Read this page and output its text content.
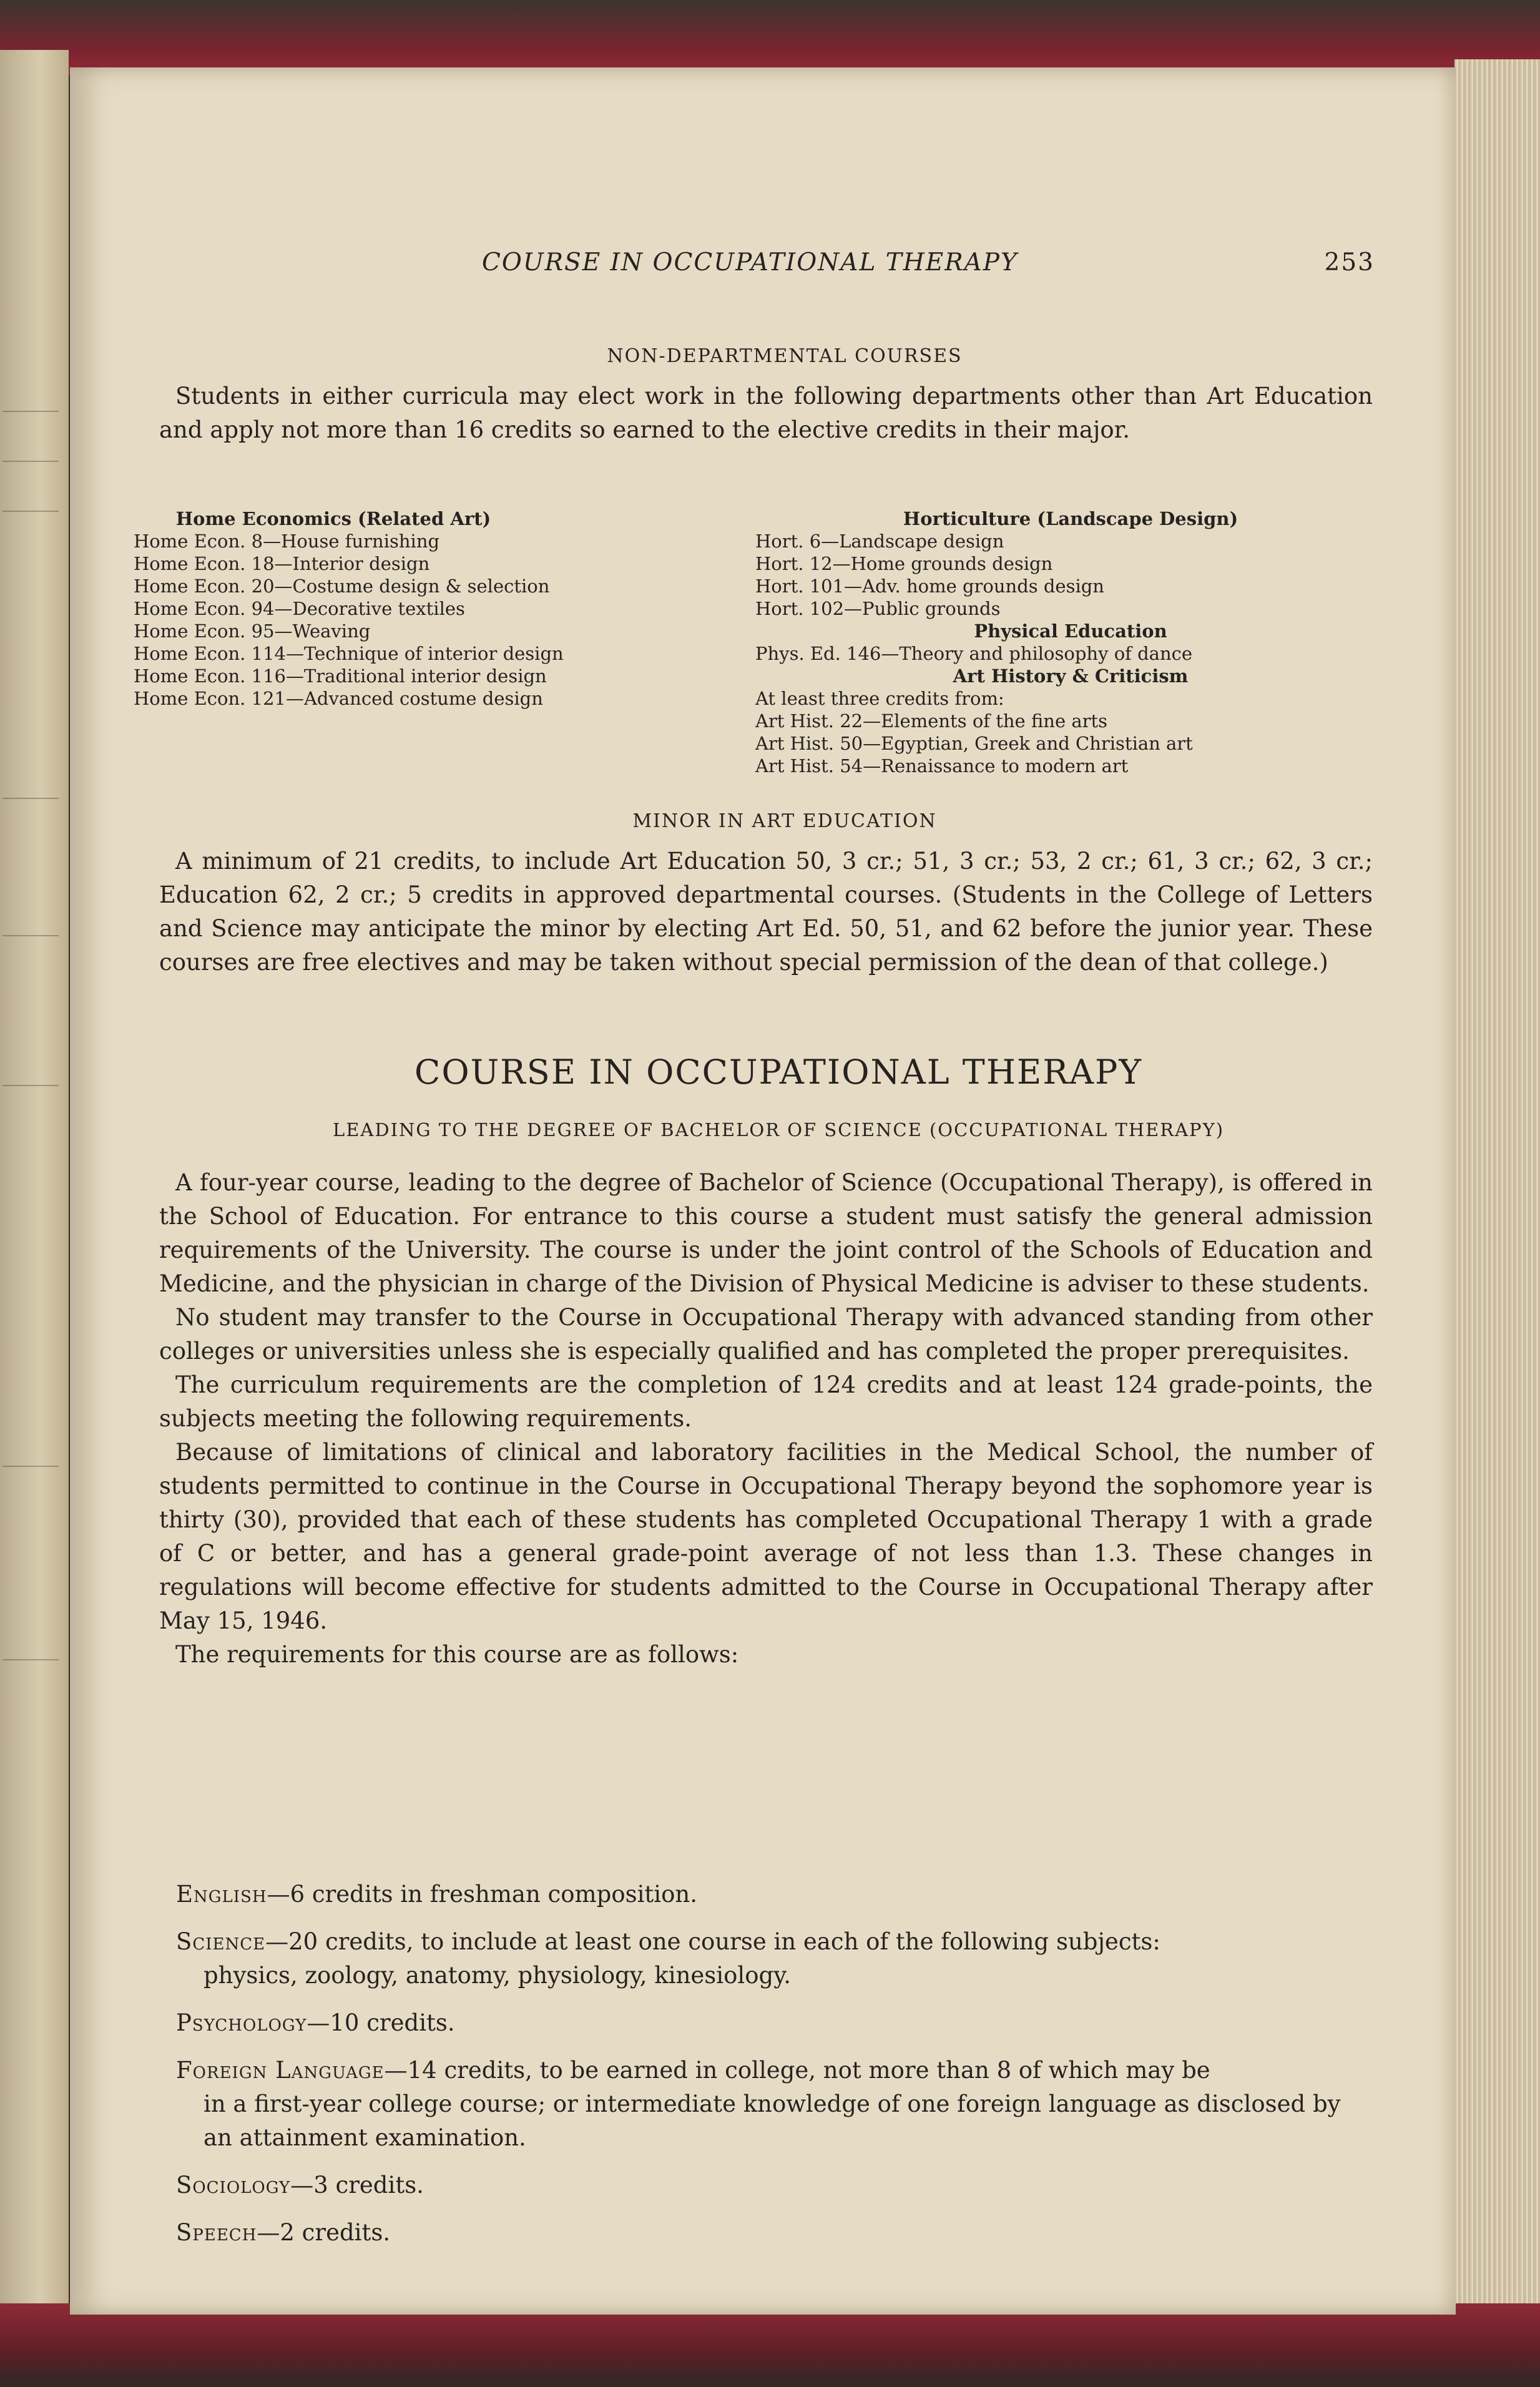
COURSE IN OCCUPATIONAL THERAPY	253
NON-DEPARTMENTAL COURSES

Students in either curricula may elect work in the following departments other than Art Education and apply not more than 16 credits so earned to the elective credits in their major.

Home Economics (Related Art)
Home Econ. 8—House furnishing
Home Econ. 18—Interior design
Home Econ. 20—Costume design & selection
Home Econ. 94—Decorative textiles
Home Econ. 95—Weaving
Home Econ. 114—Technique of interior design
Home Econ. 116—Traditional interior design
Home Econ. 121—Advanced costume design
Horticulture (Landscape Design)
Hort. 6—Landscape design
Hort. 12—Home grounds design
Hort. 101—Adv. home grounds design
Hort. 102—Public grounds
Physical Education
Phys. Ed. 146—Theory and philosophy of dance
Art History & Criticism
At least three credits from:
Art Hist. 22—Elements of the fine arts
Art Hist. 50—Egyptian, Greek and Christian art
Art Hist. 54—Renaissance to modern art
MINOR IN ART EDUCATION

A minimum of 21 credits, to include Art Education 50, 3 cr.; 51, 3 cr.; 53, 2 cr.; 61, 3 cr.; 62, 3 cr.; Education 62, 2 cr.; 5 credits in approved departmental courses. (Students in the College of Letters and Science may anticipate the minor by electing Art Ed. 50, 51, and 62 before the junior year. These courses are free electives and may be taken without special permission of the dean of that college.)

COURSE IN OCCUPATIONAL THERAPY
LEADING TO THE DEGREE OF BACHELOR OF SCIENCE (OCCUPATIONAL THERAPY)

A four-year course, leading to the degree of Bachelor of Science (Occupational Therapy), is offered in the School of Education. For entrance to this course a student must satisfy the general admission requirements of the University. The course is under the joint control of the Schools of Education and Medicine, and the physician in charge of the Division of Physical Medicine is adviser to these students.

No student may transfer to the Course in Occupational Therapy with advanced standing from other colleges or universities unless she is especially qualified and has completed the proper prerequisites.

The curriculum requirements are the completion of 124 credits and at least 124 grade-points, the subjects meeting the following requirements.

Because of limitations of clinical and laboratory facilities in the Medical School, the number of students permitted to continue in the Course in Occupational Therapy beyond the sophomore year is thirty (30), provided that each of these students has completed Occupational Therapy 1 with a grade of C or better, and has a general grade-point average of not less than 1.3. These changes in regulations will become effective for students admitted to the Course in Occupational Therapy after May 15, 1946.

The requirements for this course are as follows:

English—6 credits in freshman composition.
Science—20 credits, to include at least one course in each of the following subjects:
physics, zoology, anatomy, physiology, kinesiology.
Psychology—10 credits.
Foreign Language—14 credits, to be earned in college, not more than 8 of which may be
in a first-year college course; or intermediate knowledge of one foreign language as disclosed by an attainment examination.
Sociology—3 credits.
Speech—2 credits.
